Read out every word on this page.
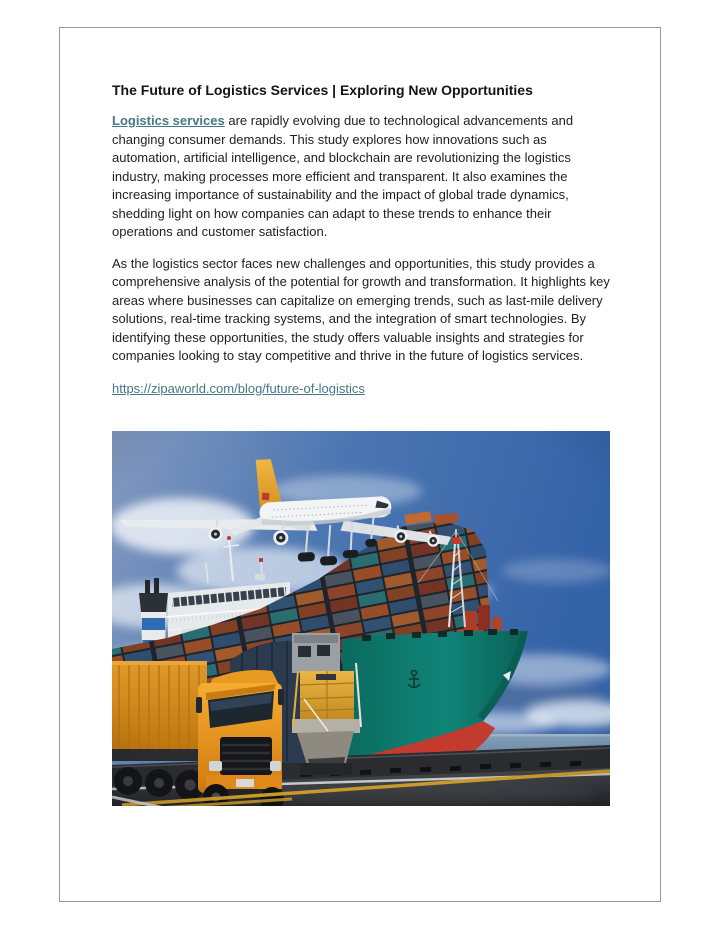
The Future of Logistics Services | Exploring New Opportunities

Logistics services are rapidly evolving due to technological advancements and changing consumer demands. This study explores how innovations such as automation, artificial intelligence, and blockchain are revolutionizing the logistics industry, making processes more efficient and transparent. It also examines the increasing importance of sustainability and the impact of global trade dynamics, shedding light on how companies can adapt to these trends to enhance their operations and customer satisfaction.

As the logistics sector faces new challenges and opportunities, this study provides a comprehensive analysis of the potential for growth and transformation. It highlights key areas where businesses can capitalize on emerging trends, such as last-mile delivery solutions, real-time tracking systems, and the integration of smart technologies. By identifying these opportunities, the study offers valuable insights and strategies for companies looking to stay competitive and thrive in the future of logistics services.

https://zipaworld.com/blog/future-of-logistics
